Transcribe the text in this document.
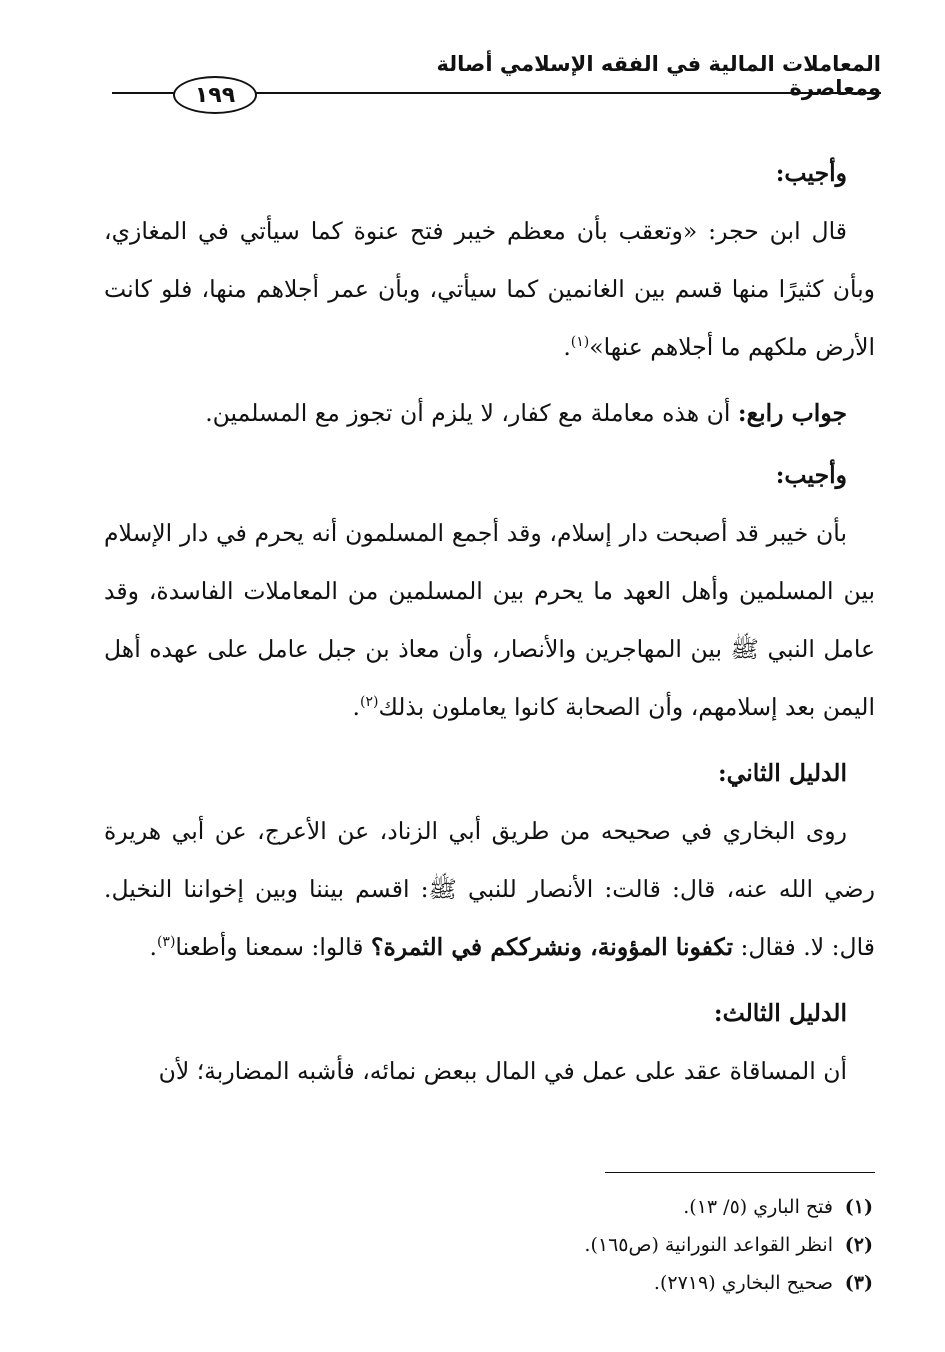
المعاملات المالية في الفقه الإسلامي أصالة ومعاصرة
١٩٩

وأجيب:

قال ابن حجر: «وتعقب بأن معظم خيبر فتح عنوة كما سيأتي في المغازي، وبأن كثيرًا منها قسم بين الغانمين كما سيأتي، وبأن عمر أجلاهم منها، فلو كانت الأرض ملكهم ما أجلاهم عنها»$^{(١)}$.

جواب رابع: أن هذه معاملة مع كفار، لا يلزم أن تجوز مع المسلمين.

وأجيب:

بأن خيبر قد أصبحت دار إسلام، وقد أجمع المسلمون أنه يحرم في دار الإسلام بين المسلمين وأهل العهد ما يحرم بين المسلمين من المعاملات الفاسدة، وقد عامل النبي ﷺ بين المهاجرين والأنصار، وأن معاذ بن جبل عامل على عهده أهل اليمن بعد إسلامهم، وأن الصحابة كانوا يعاملون بذلك$^{(٢)}$.

الدليل الثاني:

روى البخاري في صحيحه من طريق أبي الزناد، عن الأعرج، عن أبي هريرة رضي الله عنه، قال: قالت: الأنصار للنبي ﷺ: اقسم بيننا وبين إخواننا النخيل. قال: لا. فقال: تكفونا المؤونة، ونشرككم في الثمرة؟ قالوا: سمعنا وأطعنا$^{(٣)}$.

الدليل الثالث:

أن المساقاة عقد على عمل في المال ببعض نمائه، فأشبه المضاربة؛ لأن

(١)فتح الباري (٥/ ١٣).
(٢)انظر القواعد النورانية (ص١٦٥).
(٣)صحيح البخاري (٢٧١٩).
